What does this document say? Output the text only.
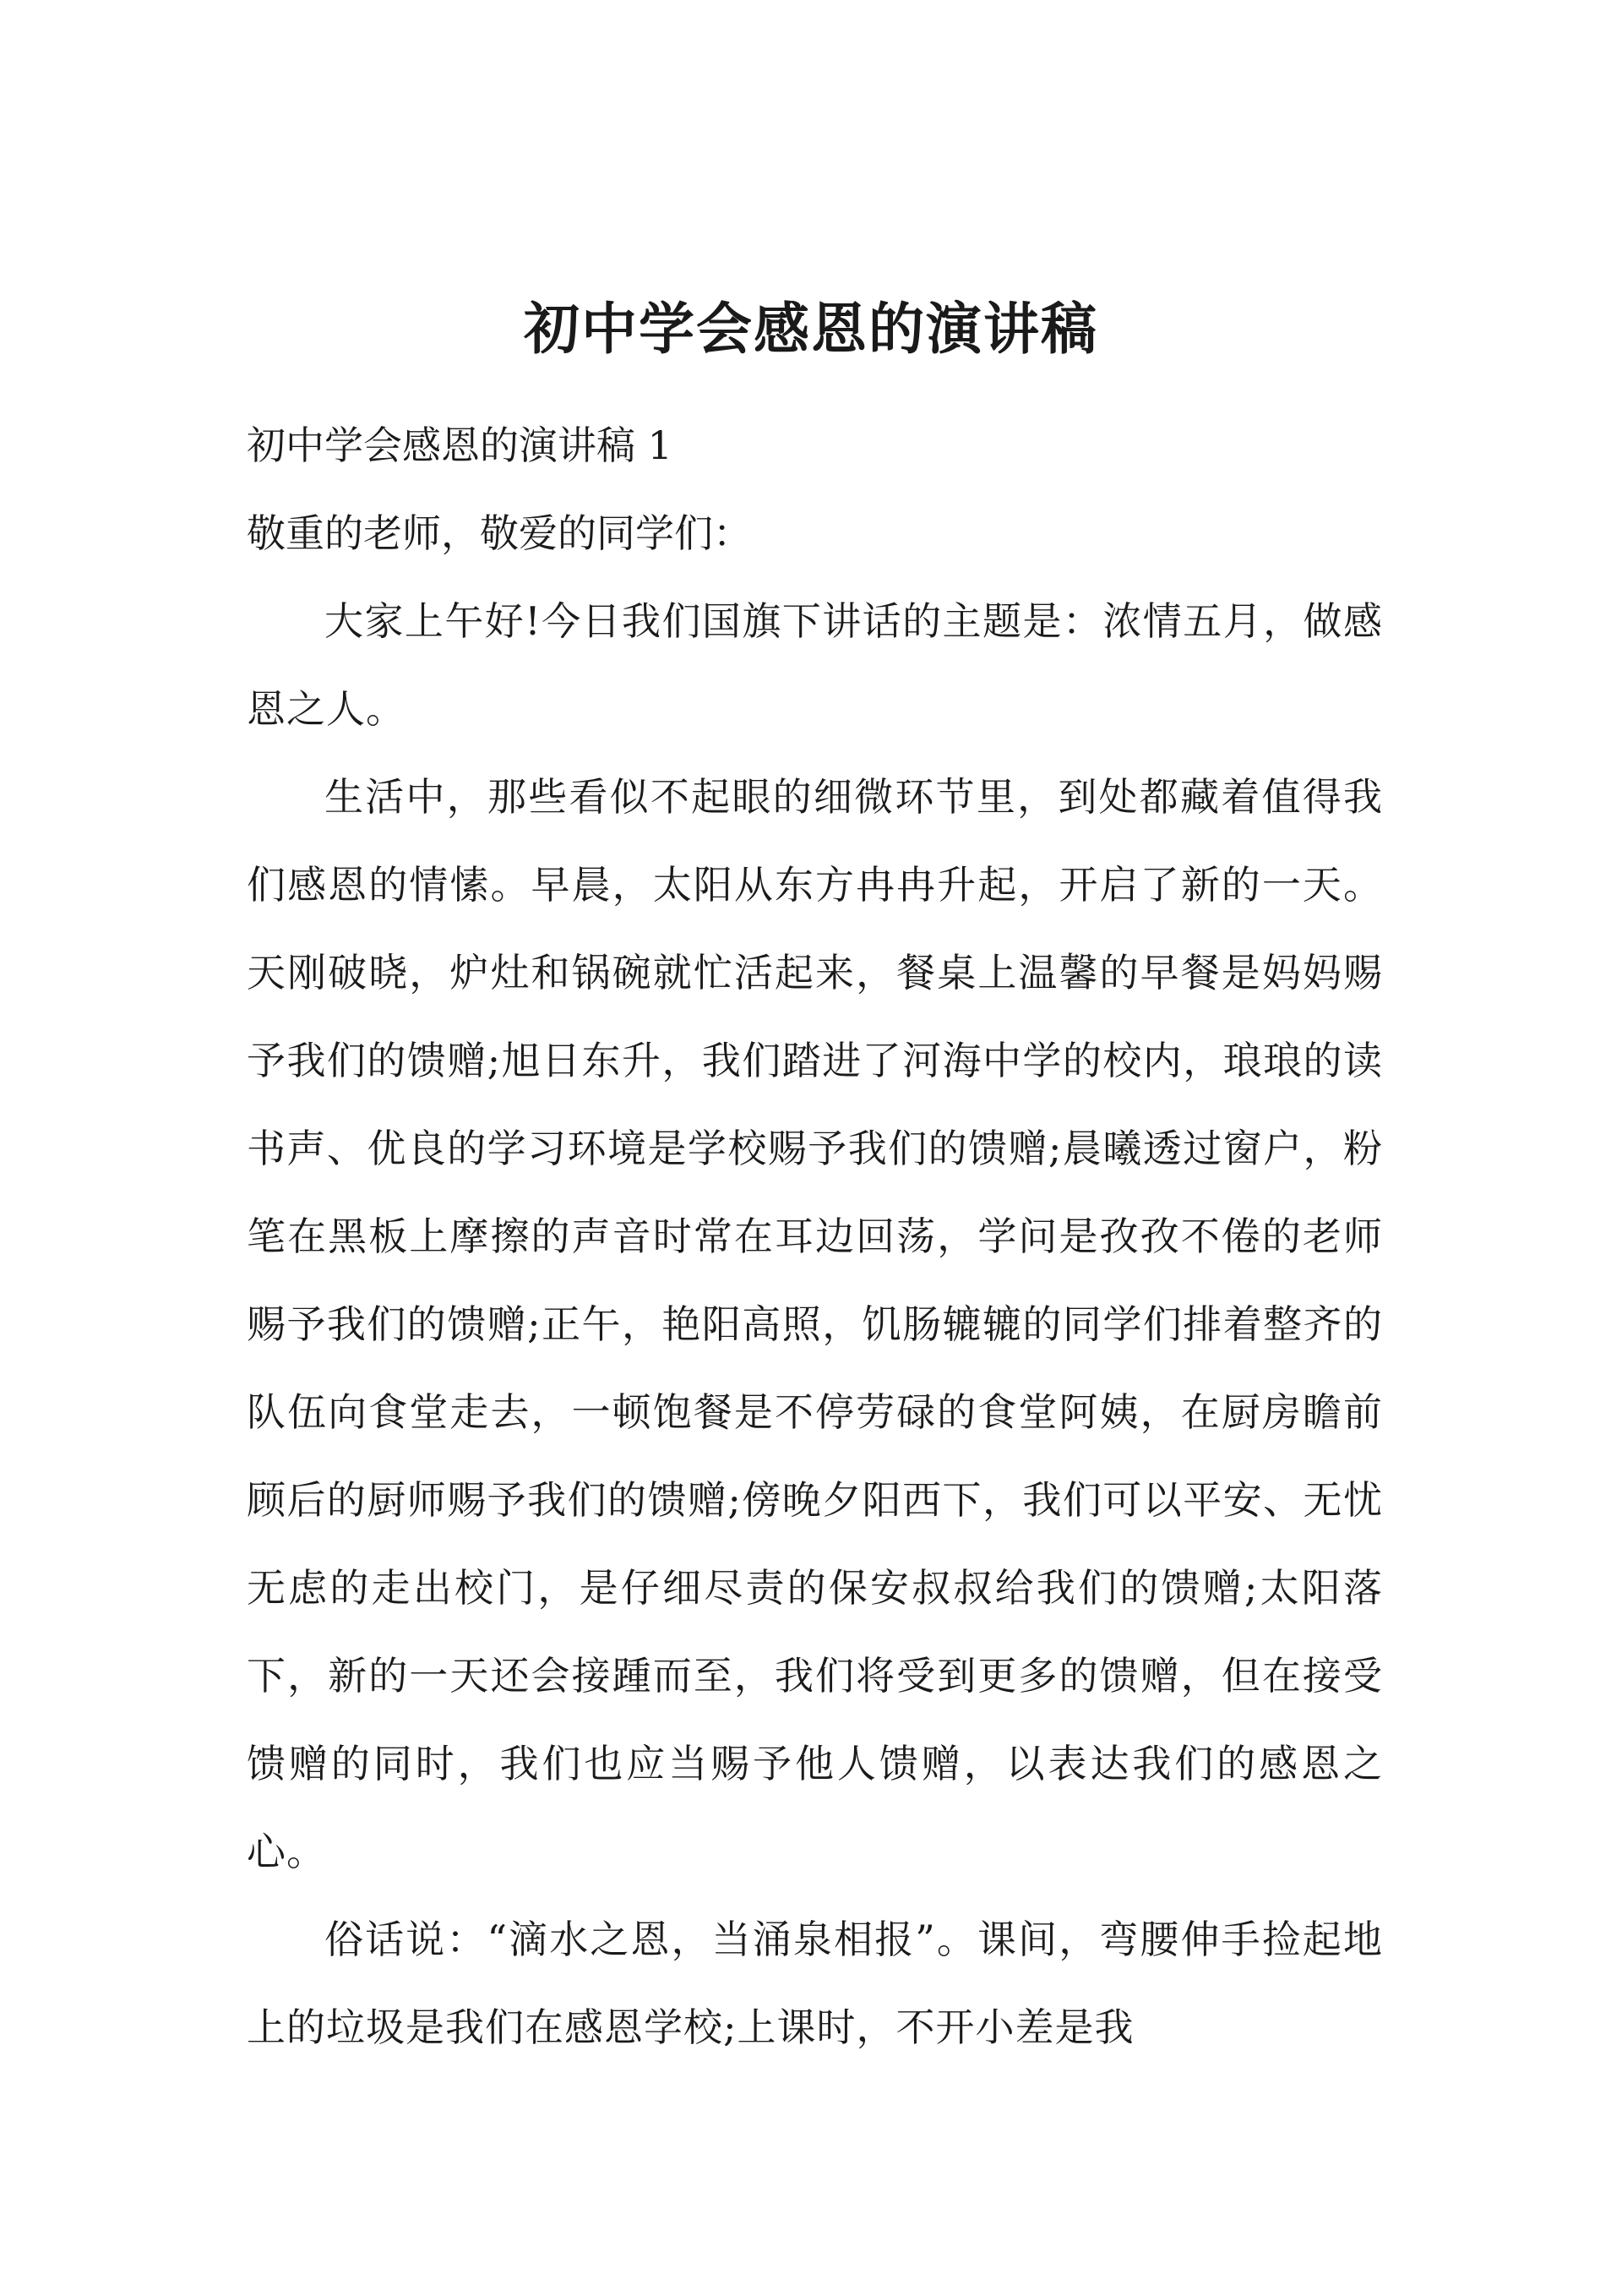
初中学会感恩的演讲稿

初中学会感恩的演讲稿 1

敬重的老师，敬爱的同学们：

大家上午好!今日我们国旗下讲话的主题是：浓情五月，做感恩之人。

生活中，那些看似不起眼的细微环节里，到处都藏着值得我们感恩的情愫。早晨，太阳从东方冉冉升起，开启了新的一天。天刚破晓，炉灶和锅碗就忙活起来，餐桌上温馨的早餐是妈妈赐予我们的馈赠;旭日东升，我们踏进了河海中学的校内，琅琅的读书声、优良的学习环境是学校赐予我们的馈赠;晨曦透过窗户，粉笔在黑板上摩擦的声音时常在耳边回荡，学问是孜孜不倦的老师赐予我们的馈赠;正午，艳阳高照，饥肠辘辘的同学们排着整齐的队伍向食堂走去，一顿饱餐是不停劳碌的食堂阿姨，在厨房瞻前顾后的厨师赐予我们的馈赠;傍晚夕阳西下，我们可以平安、无忧无虑的走出校门，是仔细尽责的保安叔叔给我们的馈赠;太阳落下，新的一天还会接踵而至，我们将受到更多的馈赠，但在接受馈赠的同时，我们也应当赐予他人馈赠，以表达我们的感恩之心。

俗话说：“滴水之恩，当涌泉相报”。课间，弯腰伸手捡起地上的垃圾是我们在感恩学校;上课时，不开小差是我
